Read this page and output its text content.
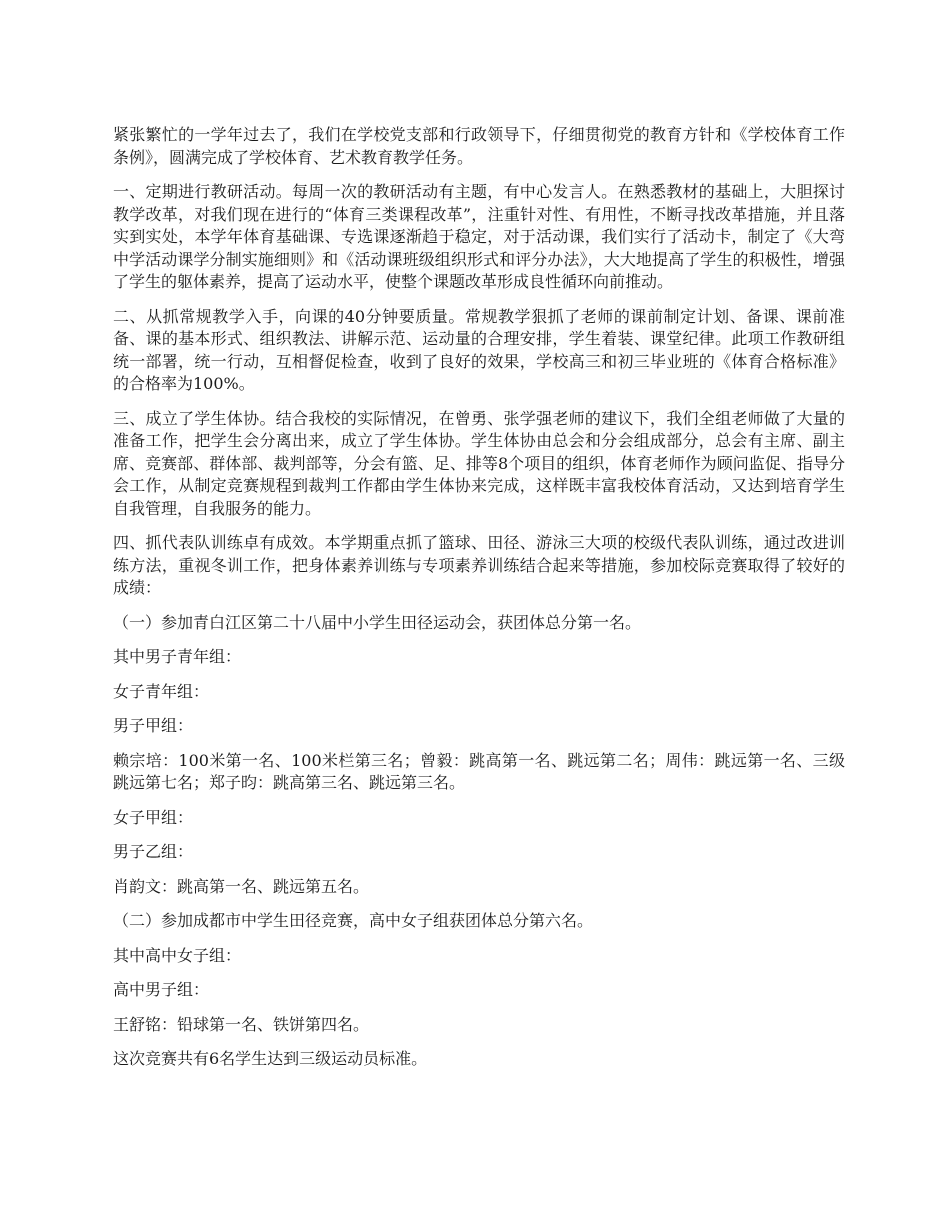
紧张繁忙的一学年过去了，我们在学校党支部和行政领导下，仔细贯彻党的教育方针和《学校体育工作条例》，圆满完成了学校体育、艺术教育教学任务。

一、定期进行教研活动。每周一次的教研活动有主题，有中心发言人。在熟悉教材的基础上，大胆探讨教学改革，对我们现在进行的“体育三类课程改革”，注重针对性、有用性，不断寻找改革措施，并且落实到实处，本学年体育基础课、专选课逐渐趋于稳定，对于活动课，我们实行了活动卡，制定了《大弯中学活动课学分制实施细则》和《活动课班级组织形式和评分办法》，大大地提高了学生的积极性，增强了学生的躯体素养，提高了运动水平，使整个课题改革形成良性循环向前推动。

二、从抓常规教学入手，向课的40分钟要质量。常规教学狠抓了老师的课前制定计划、备课、课前准备、课的基本形式、组织教法、讲解示范、运动量的合理安排，学生着装、课堂纪律。此项工作教研组统一部署，统一行动，互相督促检查，收到了良好的效果，学校高三和初三毕业班的《体育合格标准》的合格率为100%。

三、成立了学生体协。结合我校的实际情况，在曾勇、张学强老师的建议下，我们全组老师做了大量的准备工作，把学生会分离出来，成立了学生体协。学生体协由总会和分会组成部分，总会有主席、副主席、竞赛部、群体部、裁判部等，分会有篮、足、排等8个项目的组织，体育老师作为顾问监促、指导分会工作，从制定竞赛规程到裁判工作都由学生体协来完成，这样既丰富我校体育活动，又达到培育学生自我管理，自我服务的能力。

四、抓代表队训练卓有成效。本学期重点抓了篮球、田径、游泳三大项的校级代表队训练，通过改进训练方法，重视冬训工作，把身体素养训练与专项素养训练结合起来等措施，参加校际竞赛取得了较好的成绩：

（一）参加青白江区第二十八届中小学生田径运动会，获团体总分第一名。

其中男子青年组：

女子青年组：

男子甲组：

赖宗培：100米第一名、100米栏第三名；曾毅：跳高第一名、跳远第二名；周伟：跳远第一名、三级跳远第七名；郑子昀：跳高第三名、跳远第三名。

女子甲组：

男子乙组：

肖韵文：跳高第一名、跳远第五名。

（二）参加成都市中学生田径竞赛，高中女子组获团体总分第六名。

其中高中女子组：

高中男子组：

王舒铭：铅球第一名、铁饼第四名。

这次竞赛共有6名学生达到三级运动员标准。
